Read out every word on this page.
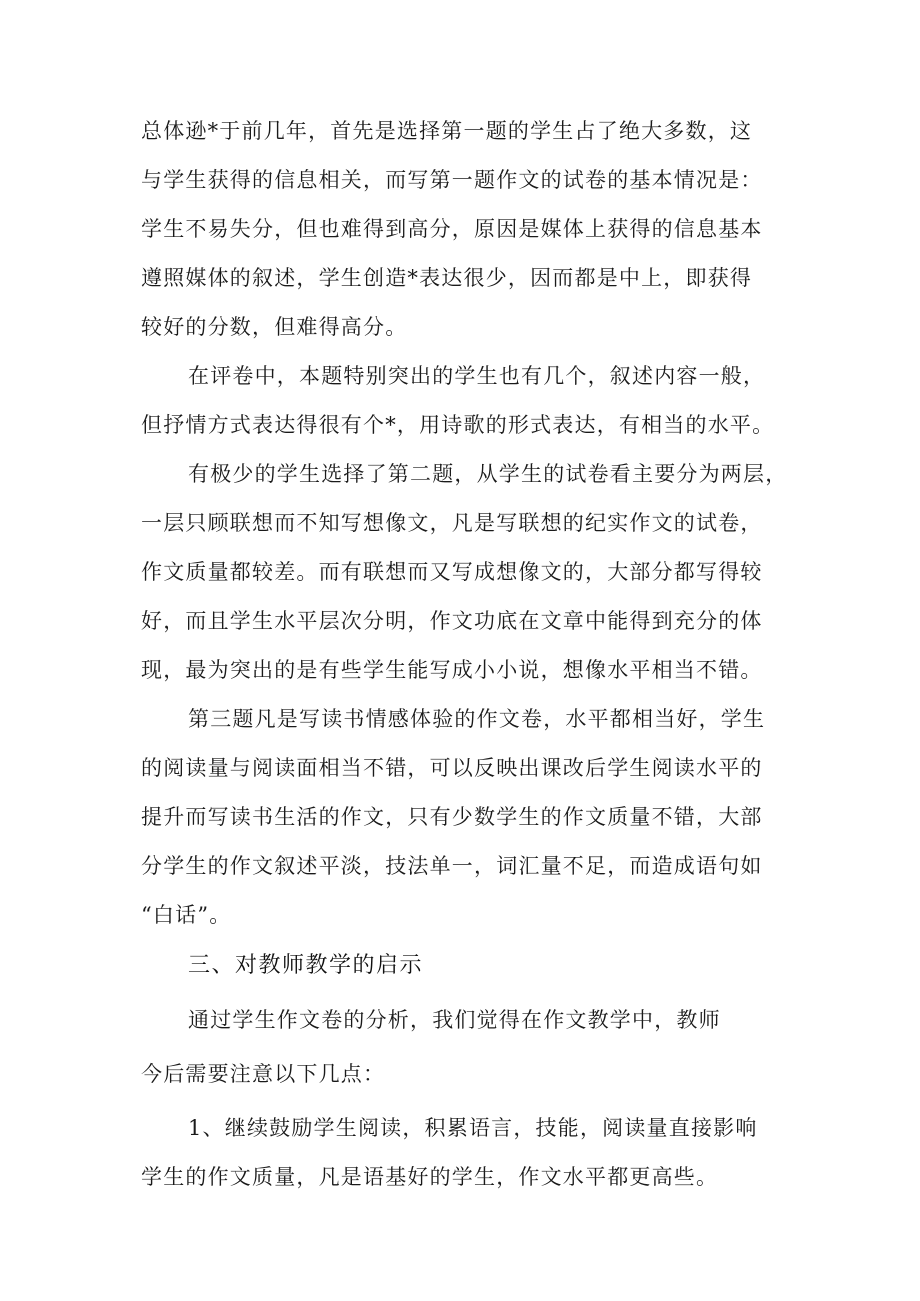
总体逊*于前几年，首先是选择第一题的学生占了绝大多数，这
与学生获得的信息相关，而写第一题作文的试卷的基本情况是：
学生不易失分，但也难得到高分，原因是媒体上获得的信息基本
遵照媒体的叙述，学生创造*表达很少，因而都是中上，即获得
较好的分数，但难得高分。
在评卷中，本题特别突出的学生也有几个，叙述内容一般，
但抒情方式表达得很有个*，用诗歌的形式表达，有相当的水平。
有极少的学生选择了第二题，从学生的试卷看主要分为两层，
一层只顾联想而不知写想像文，凡是写联想的纪实作文的试卷，
作文质量都较差。而有联想而又写成想像文的，大部分都写得较
好，而且学生水平层次分明，作文功底在文章中能得到充分的体
现，最为突出的是有些学生能写成小小说，想像水平相当不错。
第三题凡是写读书情感体验的作文卷，水平都相当好，学生
的阅读量与阅读面相当不错，可以反映出课改后学生阅读水平的
提升而写读书生活的作文，只有少数学生的作文质量不错，大部
分学生的作文叙述平淡，技法单一，词汇量不足，而造成语句如
“白话”。
三、对教师教学的启示
通过学生作文卷的分析，我们觉得在作文教学中，教师
今后需要注意以下几点：
1、继续鼓励学生阅读，积累语言，技能，阅读量直接影响
学生的作文质量，凡是语基好的学生，作文水平都更高些。
